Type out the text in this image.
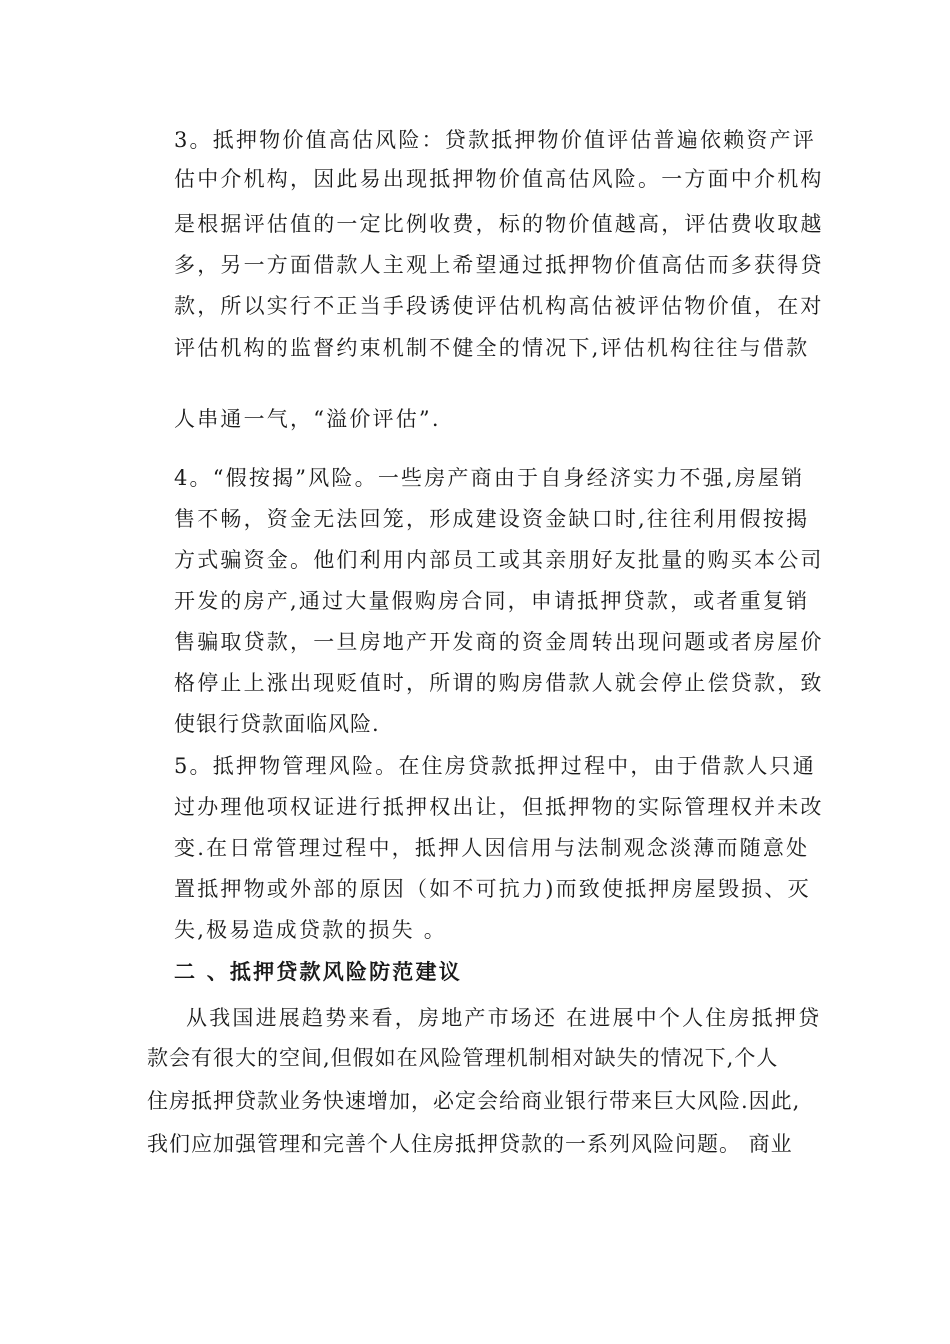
3。抵押物价值高估风险：贷款抵押物价值评估普遍依赖资产评
估中介机构，因此易出现抵押物价值高估风险。一方面中介机构
是根据评估值的一定比例收费，标的物价值越高，评估费收取越
多，另一方面借款人主观上希望通过抵押物价值高估而多获得贷
款，所以实行不正当手段诱使评估机构高估被评估物价值，在对
评估机构的监督约束机制不健全的情况下,评估机构往往与借款
人串通一气，“溢价评估”.
4。“假按揭”风险。一些房产商由于自身经济实力不强,房屋销
售不畅，资金无法回笼，形成建设资金缺口时,往往利用假按揭
方式骗资金。他们利用内部员工或其亲朋好友批量的购买本公司
开发的房产,通过大量假购房合同，申请抵押贷款，或者重复销
售骗取贷款，一旦房地产开发商的资金周转出现问题或者房屋价
格停止上涨出现贬值时，所谓的购房借款人就会停止偿贷款，致
使银行贷款面临风险.
5。抵押物管理风险。在住房贷款抵押过程中，由于借款人只通
过办理他项权证进行抵押权出让，但抵押物的实际管理权并未改
变.在日常管理过程中，抵押人因信用与法制观念淡薄而随意处
置抵押物或外部的原因（如不可抗力)而致使抵押房屋毁损、灭
失,极易造成贷款的损失 。
二 、抵押贷款风险防范建议
从我国进展趋势来看，房地产市场还 在进展中个人住房抵押贷
款会有很大的空间,但假如在风险管理机制相对缺失的情况下,个人
住房抵押贷款业务快速增加，必定会给商业银行带来巨大风险.因此,
我们应加强管理和完善个人住房抵押贷款的一系列风险问题。 商业
